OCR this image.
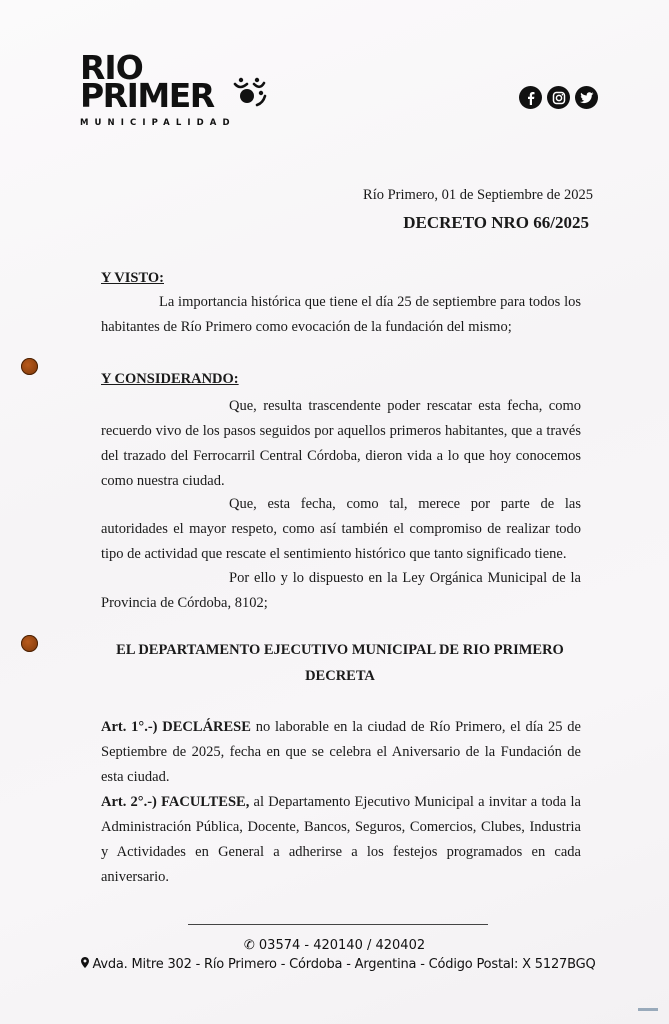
RIO
PRIMER
MUNICIPALIDAD
Río Primero, 01 de Septiembre de 2025
DECRETO NRO 66/2025
Y VISTO:
La importancia histórica que tiene el día 25 de septiembre para todos los habitantes de Río Primero como evocación de la fundación del mismo;
Y CONSIDERANDO:
Que, resulta trascendente poder rescatar esta fecha, como recuerdo vivo de los pasos seguidos por aquellos primeros habitantes, que a través del trazado del Ferrocarril Central Córdoba, dieron vida a lo que hoy conocemos como nuestra ciudad.
Que, esta fecha, como tal, merece por parte de las autoridades el mayor respeto, como así también el compromiso de realizar todo tipo de actividad que rescate el sentimiento histórico que tanto significado tiene.
Por ello y lo dispuesto en la Ley Orgánica Municipal de la Provincia de Córdoba, 8102;
EL DEPARTAMENTO EJECUTIVO MUNICIPAL DE RIO PRIMERO
DECRETA
Art. 1°.-) DECLÁRESE no laborable en la ciudad de Río Primero, el día 25 de Septiembre de 2025, fecha en que se celebra el Aniversario de la Fundación de esta ciudad.
Art. 2°.-) FACULTESE, al Departamento Ejecutivo Municipal a invitar a toda la Administración Pública, Docente, Bancos, Seguros, Comercios, Clubes, Industria y Actividades en General a adherirse a los festejos programados en cada aniversario.
✆ 03574 - 420140 / 420402
Avda. Mitre 302 - Río Primero - Córdoba - Argentina - Código Postal: X 5127BGQ
